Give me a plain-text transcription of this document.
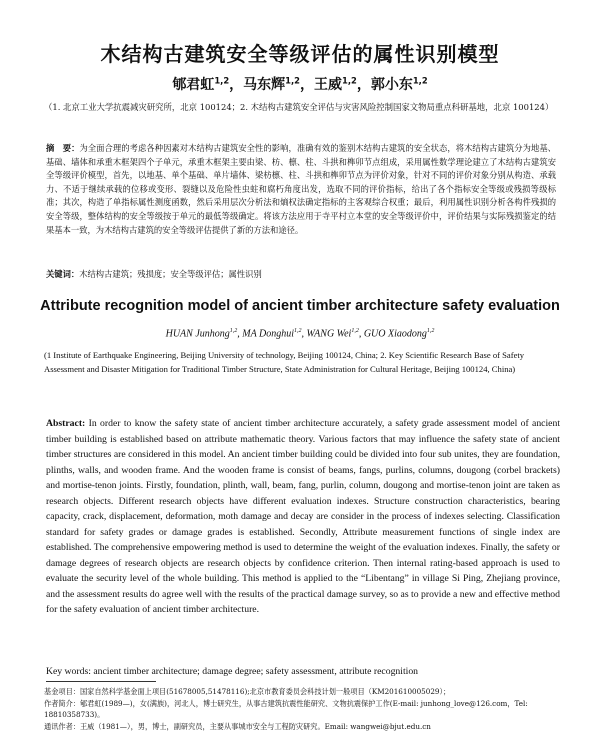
木结构古建筑安全等级评估的属性识别模型
郇君虹$^{1,2}$，马东辉$^{1,2}$，王威$^{1,2}$，郭小东$^{1,2}$
（1. 北京工业大学抗震减灾研究所，北京 100124；2. 木结构古建筑安全评估与灾害风险控制国家文物局重点科研基地，北京 100124）
摘　要：为全面合理的考虑各种因素对木结构古建筑安全性的影响，准确有效的鉴别木结构古建筑的安全状态，将木结构古建筑分为地基、基础、墙体和承重木框架四个子单元，承重木框架主要由梁、枋、檩、柱、斗拱和榫卯节点组成，采用属性数学理论建立了木结构古建筑安全等级评价模型，首先，以地基、单个基础、单片墙体、梁枋檩、柱、斗拱和榫卯节点为评价对象，针对不同的评价对象分别从构造、承载力、不适于继续承载的位移或变形、裂缝以及危险性虫蛀和腐朽角度出发，选取不同的评价指标，给出了各个指标安全等级或残损等级标准；其次，构造了单指标属性测度函数，然后采用层次分析法和熵权法确定指标的主客观综合权重；最后，利用属性识别分析各构件残损的安全等级，整体结构的安全等级按于单元的最低等级确定。将该方法应用于寺平村立本堂的安全等级评价中，评价结果与实际残损鉴定的结果基本一致，为木结构古建筑的安全等级评估提供了新的方法和途径。
关键词：木结构古建筑；残损度；安全等级评估；属性识别
Attribute recognition model of ancient timber architecture safety evaluation
HUAN Junhong$^{1,2}$, MA Donghui$^{1,2}$, WANG Wei$^{1,2}$, GUO Xiaodong$^{1,2}$
(1 Institute of Earthquake Engineering, Beijing University of technology, Beijing 100124, China; 2. Key Scientific Research Base of Safety Assessment and Disaster Mitigation for Traditional Timber Structure, State Administration for Cultural Heritage, Beijing 100124, China)
Abstract: In order to know the safety state of ancient timber architecture accurately, a safety grade assessment model of ancient timber building is established based on attribute mathematic theory. Various factors that may influence the safety state of ancient timber structures are considered in this model. An ancient timber building could be divided into four sub unites, they are foundation, plinths, walls, and wooden frame. And the wooden frame is consist of beams, fangs, purlins, columns, dougong (corbel brackets) and mortise-tenon joints. Firstly, foundation, plinth, wall, beam, fang, purlin, column, dougong and mortise-tenon joint are taken as research objects. Different research objects have different evaluation indexes. Structure construction characteristics, bearing capacity, crack, displacement, deformation, moth damage and decay are consider in the process of indexes selecting. Classification standard for safety grades or damage grades is established. Secondly, Attribute measurement functions of single index are established. The comprehensive empowering method is used to determine the weight of the evaluation indexes. Finally, the safety or damage degrees of research objects are research objects by confidence criterion. Then internal rating-based approach is used to evaluate the security level of the whole building. This method is applied to the “Libentang” in village Si Ping, Zhejiang province, and the assessment results do agree well with the results of the practical damage survey, so as to provide a new and effective method for the safety evaluation of ancient timber architecture.
Key words: ancient timber architecture; damage degree; safety assessment, attribute recognition
基金项目：国家自然科学基金面上项目(51678005,51478116);北京市教育委员会科技计划一般项目（KM201610005029）；
作者简介：郇君虹(1989—)，女(满族)，河北人，博士研究生，从事古建筑抗震性能研究、文物抗震保护工作(E-mail: junhong_love@126.com，Tel: 18810358733)。
通讯作者：王威（1981—），男，博士，副研究员，主要从事城市安全与工程防灾研究。Email: wangwei@bjut.edu.cn
